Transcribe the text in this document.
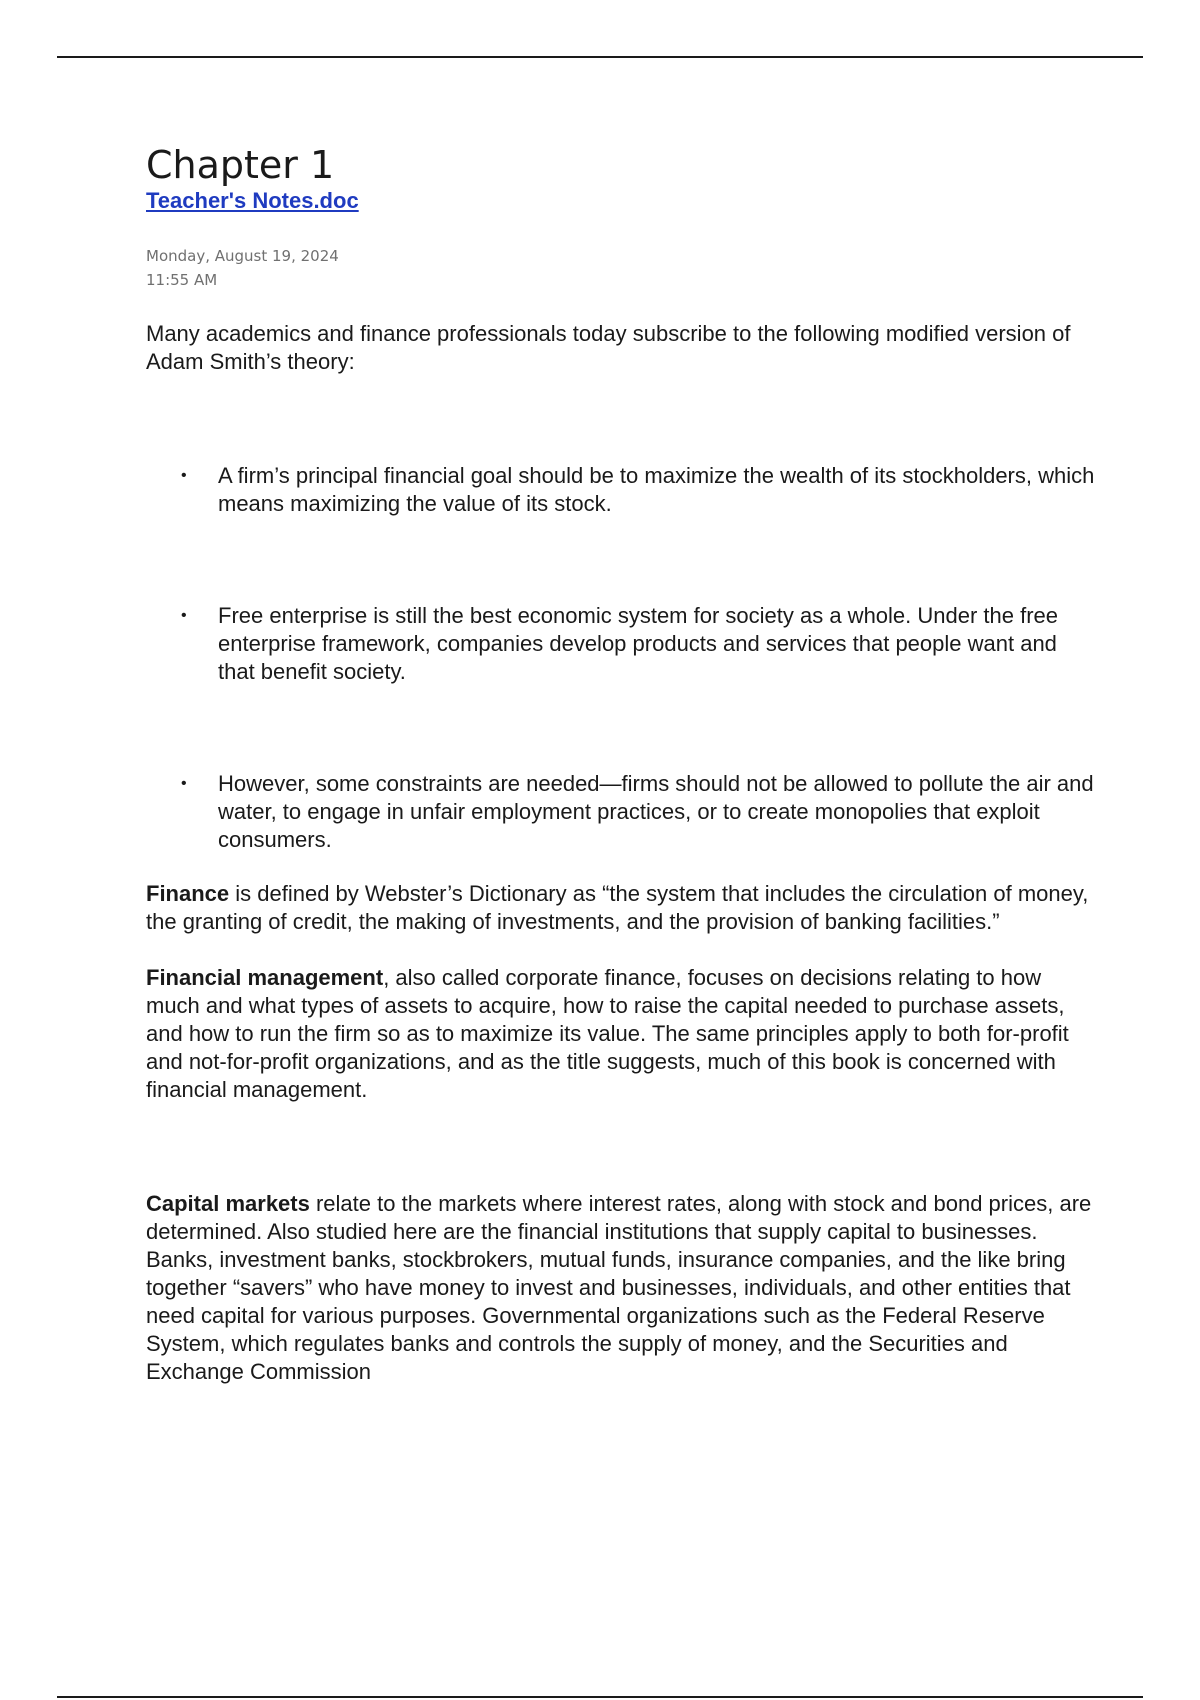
Chapter 1
Teacher's Notes.doc
Monday, August 19, 2024
11:55 AM

Many academics and finance professionals today subscribe to the following modified version of Adam Smith’s theory:

• A firm’s principal financial goal should be to maximize the wealth of its stockholders, which means maximizing the value of its stock.
• Free enterprise is still the best economic system for society as a whole. Under the free enterprise framework, companies develop products and services that people want and that benefit society.
• However, some constraints are needed—firms should not be allowed to pollute the air and water, to engage in unfair employment practices, or to create monopolies that exploit consumers.

Finance is defined by Webster’s Dictionary as “the system that includes the circulation of money, the granting of credit, the making of investments, and the provision of banking facilities.”

Financial management, also called corporate finance, focuses on decisions relating to how much and what types of assets to acquire, how to raise the capital needed to purchase assets, and how to run the firm so as to maximize its value. The same principles apply to both for-profit and not-for-profit organizations, and as the title suggests, much of this book is concerned with financial management.

Capital markets relate to the markets where interest rates, along with stock and bond prices, are determined. Also studied here are the financial institutions that supply capital to businesses. Banks, investment banks, stockbrokers, mutual funds, insurance companies, and the like bring together “savers” who have money to invest and businesses, individuals, and other entities that need capital for various purposes. Governmental organizations such as the Federal Reserve System, which regulates banks and controls the supply of money, and the Securities and Exchange Commission
